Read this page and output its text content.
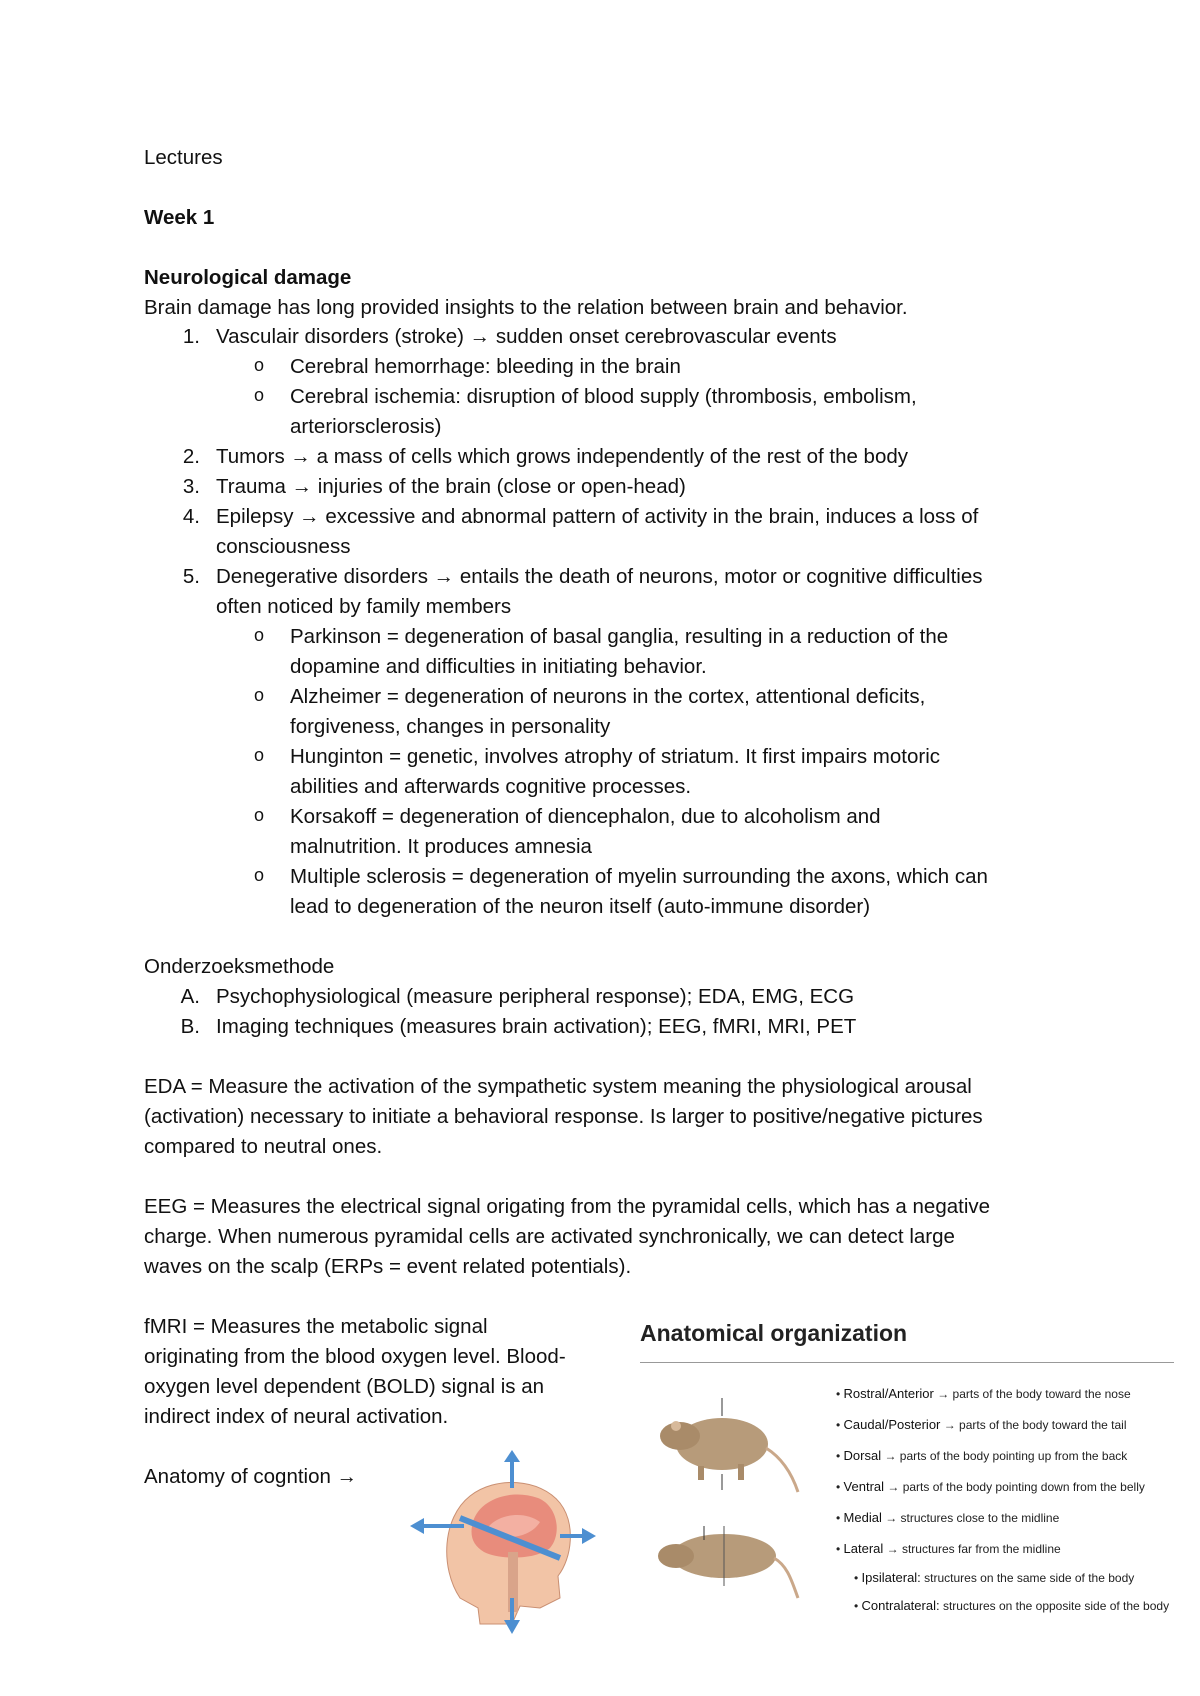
Lectures
Week 1
Neurological damage
Brain damage has long provided insights to the relation between brain and behavior.
1. Vasculair disorders (stroke) → sudden onset cerebrovascular events
o Cerebral hemorrhage: bleeding in the brain
o Cerebral ischemia: disruption of blood supply (thrombosis, embolism,
arteriorsclerosis)
2. Tumors → a mass of cells which grows independently of the rest of the body
3. Trauma → injuries of the brain (close or open-head)
4. Epilepsy → excessive and abnormal pattern of activity in the brain, induces a loss of
consciousness
5. Denegerative disorders → entails the death of neurons, motor or cognitive difficulties
often noticed by family members
o Parkinson = degeneration of basal ganglia, resulting in a reduction of the
dopamine and difficulties in initiating behavior.
o Alzheimer = degeneration of neurons in the cortex, attentional deficits,
forgiveness, changes in personality
o Hunginton = genetic, involves atrophy of striatum. It first impairs motoric
abilities and afterwards cognitive processes.
o Korsakoff = degeneration of diencephalon, due to alcoholism and
malnutrition. It produces amnesia
o Multiple sclerosis = degeneration of myelin surrounding the axons, which can
lead to degeneration of the neuron itself (auto-immune disorder)
Onderzoeksmethode
A. Psychophysiological (measure peripheral response); EDA, EMG, ECG
B. Imaging techniques (measures brain activation); EEG, fMRI, MRI, PET
EDA = Measure the activation of the sympathetic system meaning the physiological arousal
(activation) necessary to initiate a behavioral response. Is larger to positive/negative pictures
compared to neutral ones.
EEG = Measures the electrical signal origating from the pyramidal cells, which has a negative
charge. When numerous pyramidal cells are activated synchronically, we can detect large
waves on the scalp (ERPs = event related potentials).
fMRI = Measures the metabolic signal
originating from the blood oxygen level. Blood-
oxygen level dependent (BOLD) signal is an
indirect index of neural activation.
Anatomy of cogntion →
Anatomical organization
• Rostral/Anterior → parts of the body toward the nose
• Caudal/Posterior → parts of the body toward the tail
• Dorsal → parts of the body pointing up from the back
• Ventral → parts of the body pointing down from the belly
• Medial → structures close to the midline
• Lateral → structures far from the midline
• Ipsilateral: structures on the same side of the body
• Contralateral: structures on the opposite side of the body
